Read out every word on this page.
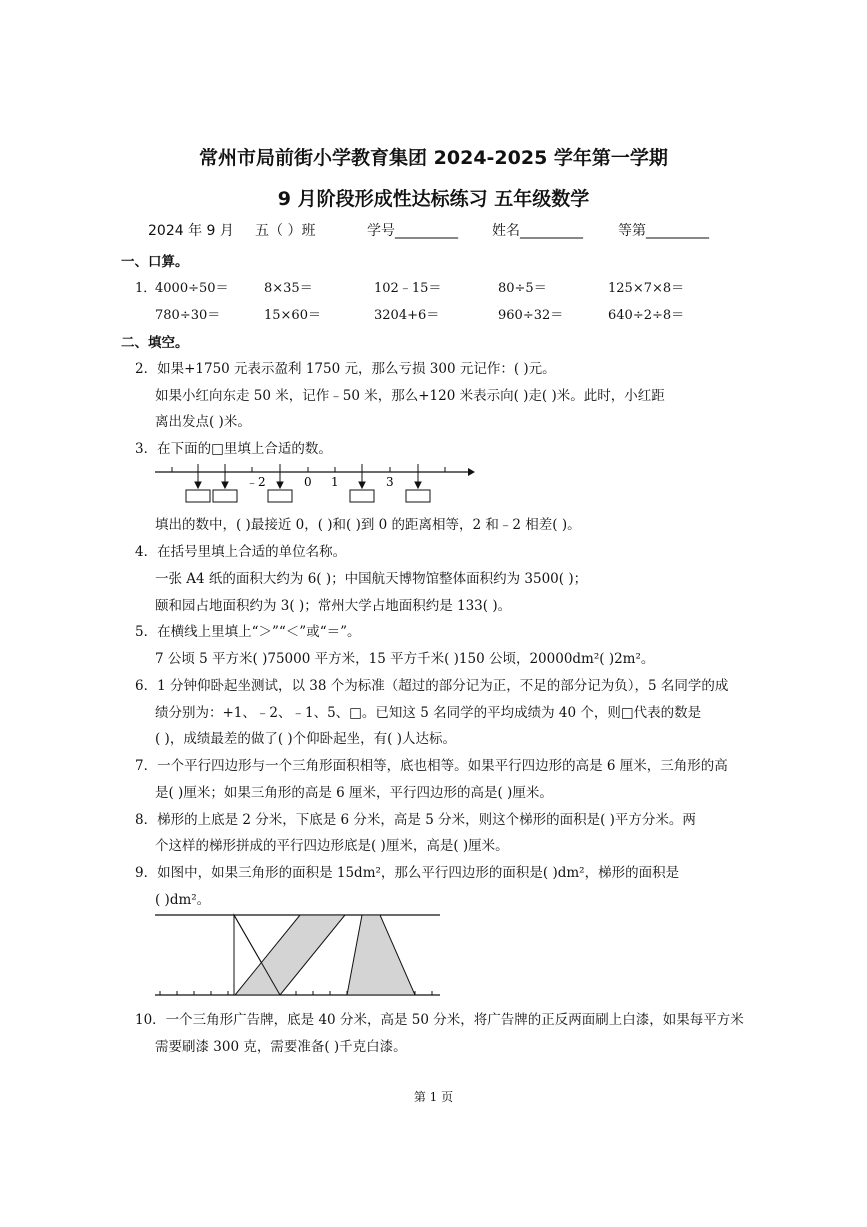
常州市局前街小学教育集团 2024-2025 学年第一学期
9 月阶段形成性达标练习 五年级数学
2024 年 9 月 五（ ）班	学号_________ 姓名_________	等第_________
一、口算。
1．
4000÷50＝	8×35＝	102﹣15＝	80÷5＝	125×7×8＝
780÷30＝	15×60＝	3204+6＝	960÷32＝	640÷2÷8＝
二、填空。
2．如果+1750 元表示盈利 1750 元，那么亏损 300 元记作：( )元。
如果小红向东走 50 米，记作﹣50 米，那么+120 米表示向( )走( )米。此时，小红距
离出发点( )米。
3．在下面的□里填上合适的数。
﹣2	0 1	3
填出的数中，( )最接近 0，( )和( )到 0 的距离相等，2 和﹣2 相差( )。
4．在括号里填上合适的单位名称。
一张 A4 纸的面积大约为 6( )；中国航天博物馆整体面积约为 3500( )；
颐和园占地面积约为 3( )；常州大学占地面积约是 133( )。
5．在横线上里填上“＞”“＜”或“＝”。
7 公顷 5 平方米( )75000 平方米，15 平方千米( )150 公顷，20000dm²( )2m²。
6．1 分钟仰卧起坐测试，以 38 个为标准（超过的部分记为正，不足的部分记为负），5 名同学的成
绩分别为：+1、﹣2、﹣1、5、□。已知这 5 名同学的平均成绩为 40 个，则□代表的数是
( )，成绩最差的做了( )个仰卧起坐，有( )人达标。
7．一个平行四边形与一个三角形面积相等，底也相等。如果平行四边形的高是 6 厘米，三角形的高
是( )厘米；如果三角形的高是 6 厘米，平行四边形的高是( )厘米。
8．梯形的上底是 2 分米，下底是 6 分米，高是 5 分米，则这个梯形的面积是( )平方分米。两
个这样的梯形拼成的平行四边形底是( )厘米，高是( )厘米。
9．如图中，如果三角形的面积是 15dm²，那么平行四边形的面积是( )dm²，梯形的面积是
( )dm²。
10．一个三角形广告牌，底是 40 分米，高是 50 分米，将广告牌的正反两面刷上白漆，如果每平方米
需要刷漆 300 克，需要准备( )千克白漆。
第 1 页
